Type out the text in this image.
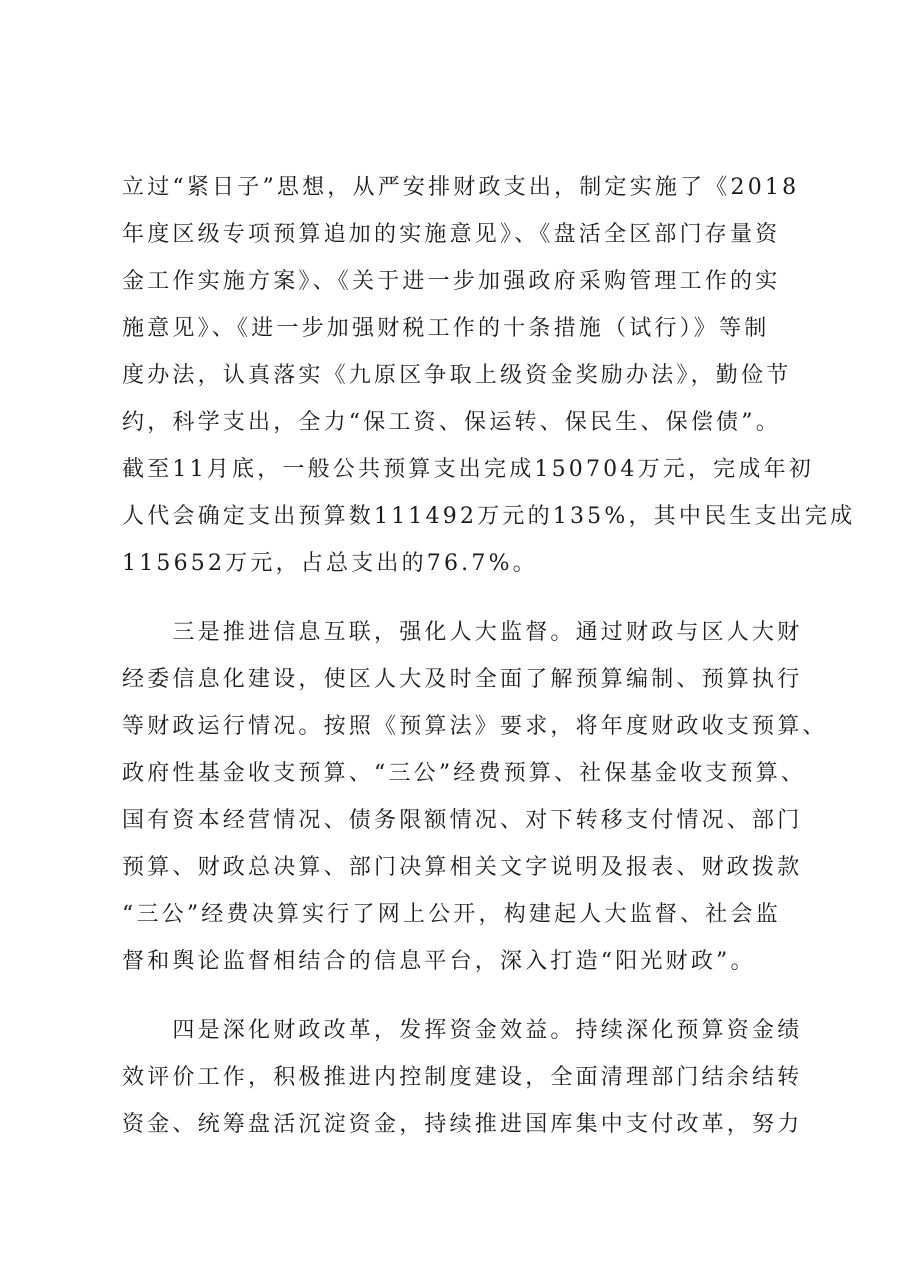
立过“紧日子”思想，从严安排财政支出，制定实施了《2018
年度区级专项预算追加的实施意见》、《盘活全区部门存量资
金工作实施方案》、《关于进一步加强政府采购管理工作的实
施意见》、《进一步加强财税工作的十条措施（试行）》等制
度办法，认真落实《九原区争取上级资金奖励办法》，勤俭节
约，科学支出，全力“保工资、保运转、保民生、保偿债”。
截至11月底，一般公共预算支出完成150704万元，完成年初
人代会确定支出预算数111492万元的135%，其中民生支出完成
115652万元，占总支出的76.7%。
　　三是推进信息互联，强化人大监督。通过财政与区人大财
经委信息化建设，使区人大及时全面了解预算编制、预算执行
等财政运行情况。按照《预算法》要求，将年度财政收支预算、
政府性基金收支预算、“三公”经费预算、社保基金收支预算、
国有资本经营情况、债务限额情况、对下转移支付情况、部门
预算、财政总决算、部门决算相关文字说明及报表、财政拨款
“三公”经费决算实行了网上公开，构建起人大监督、社会监
督和舆论监督相结合的信息平台，深入打造“阳光财政”。
　　四是深化财政改革，发挥资金效益。持续深化预算资金绩
效评价工作，积极推进内控制度建设，全面清理部门结余结转
资金、统筹盘活沉淀资金，持续推进国库集中支付改革，努力
